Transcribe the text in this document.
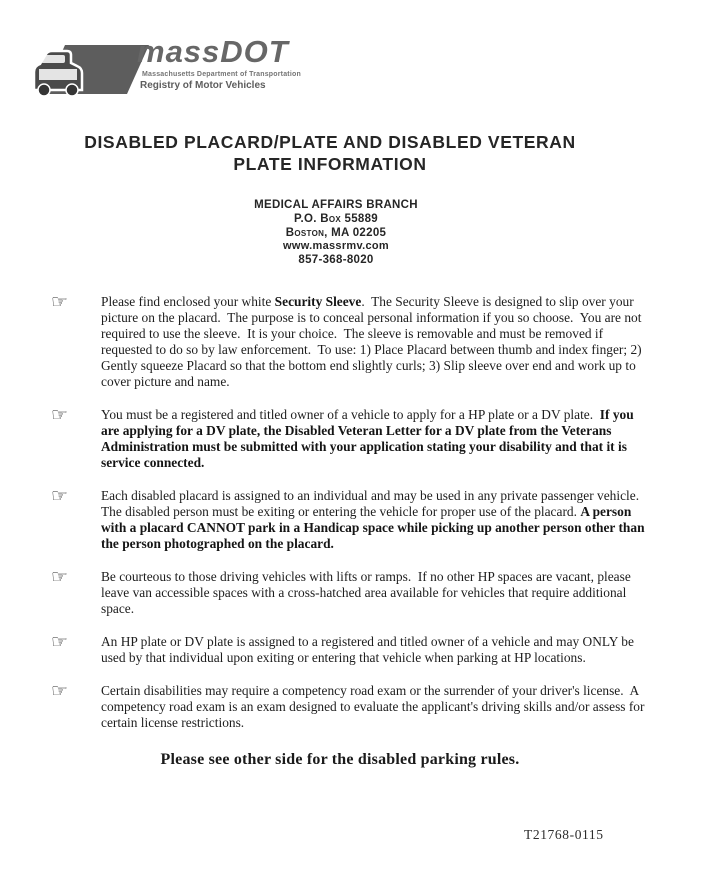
massDOT
Massachusetts Department of Transportation
Registry of Motor Vehicles
DISABLED PLACARD/PLATE AND DISABLED VETERAN
PLATE INFORMATION
MEDICAL AFFAIRS BRANCH
P.O. Box 55889
Boston, MA 02205
www.massrmv.com
857-368-8020
☞	Please find enclosed your white Security Sleeve.  The Security Sleeve is designed to slip over your picture on the placard.  The purpose is to conceal personal information if you so choose.  You are not required to use the sleeve.  It is your choice.  The sleeve is removable and must be removed if requested to do so by law enforcement.  To use: 1) Place Placard between thumb and index finger; 2) Gently squeeze Placard so that the bottom end slightly curls; 3) Slip sleeve over end and work up to cover picture and name.

☞	You must be a registered and titled owner of a vehicle to apply for a HP plate or a DV plate.  If you are applying for a DV plate, the Disabled Veteran Letter for a DV plate from the Veterans Administration must be submitted with your application stating your disability and that it is service connected.

☞	Each disabled placard is assigned to an individual and may be used in any private passenger vehicle.  The disabled person must be exiting or entering the vehicle for proper use of the placard. A person with a placard CANNOT park in a Handicap space while picking up another person other than the person photographed on the placard.

☞	Be courteous to those driving vehicles with lifts or ramps.  If no other HP spaces are vacant, please leave van accessible spaces with a cross-hatched area available for vehicles that require additional space.

☞	An HP plate or DV plate is assigned to a registered and titled owner of a vehicle and may ONLY be used by that individual upon exiting or entering that vehicle when parking at HP locations.

☞	Certain disabilities may require a competency road exam or the surrender of your driver's license.  A competency road exam is an exam designed to evaluate the applicant's driving skills and/or assess for certain license restrictions.

Please see other side for the disabled parking rules.

T21768-0115
